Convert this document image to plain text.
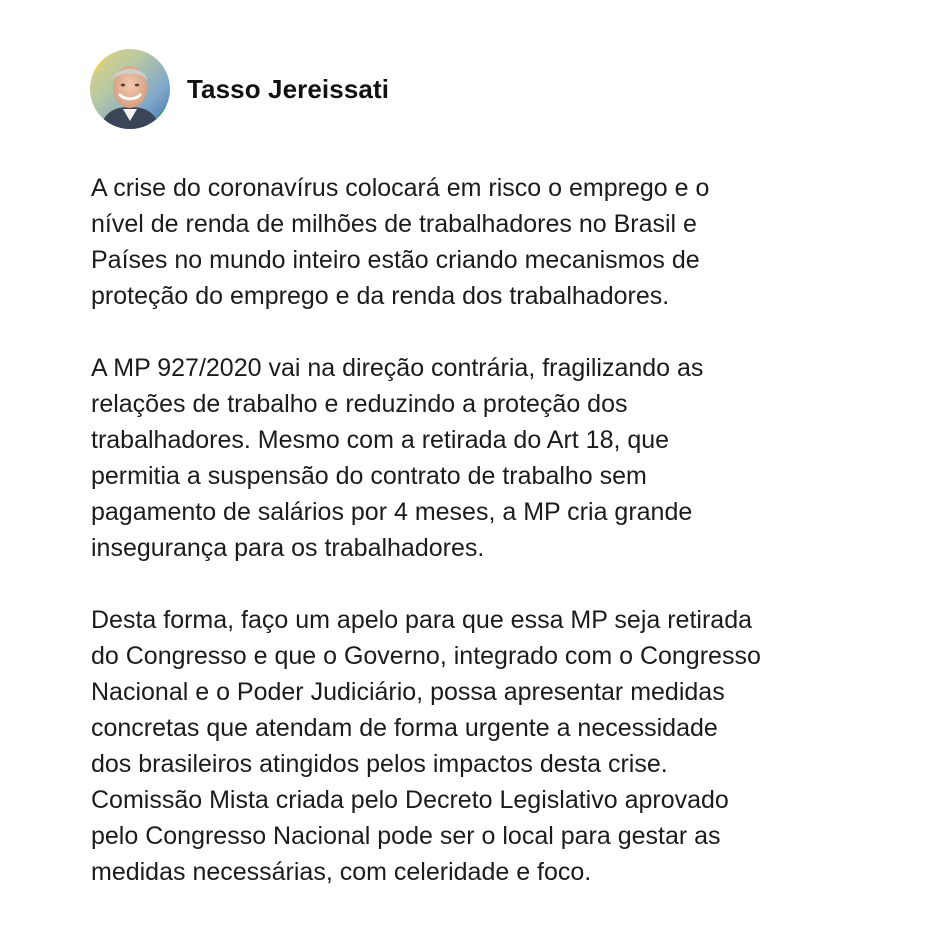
Tasso Jereissati

A crise do coronavírus colocará em risco o emprego e o
nível de renda de milhões de trabalhadores no Brasil e
Países no mundo inteiro estão criando mecanismos de
proteção do emprego e da renda dos trabalhadores.

A MP 927/2020 vai na direção contrária, fragilizando as
relações de trabalho e reduzindo a proteção dos
trabalhadores. Mesmo com a retirada do Art 18, que
permitia a suspensão do contrato de trabalho sem
pagamento de salários por 4 meses, a MP cria grande
insegurança para os trabalhadores.

Desta forma, faço um apelo para que essa MP seja retirada
do Congresso e que o Governo, integrado com o Congresso
Nacional e o Poder Judiciário, possa apresentar medidas
concretas que atendam de forma urgente a necessidade
dos brasileiros atingidos pelos impactos desta crise.
Comissão Mista criada pelo Decreto Legislativo aprovado
pelo Congresso Nacional pode ser o local para gestar as
medidas necessárias, com celeridade e foco.
